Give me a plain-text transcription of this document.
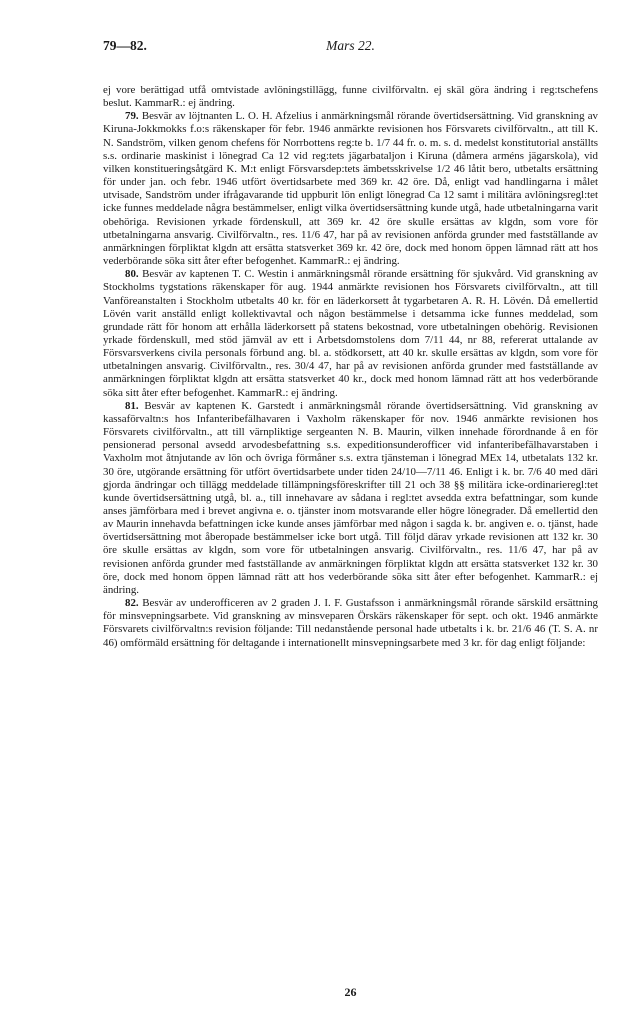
79—82.	Mars 22.

ej vore berättigad utfå omtvistade avlöningstillägg, funne civilförvaltn. ej skäl göra ändring i reg:tschefens beslut. KammarR.: ej ändring.

79. Besvär av löjtnanten L. O. H. Afzelius i anmärkningsmål rörande övertidsersättning. Vid granskning av Kiruna-Jokkmokks f.o:s räkenskaper för febr. 1946 anmärkte revisionen hos Försvarets civilförvaltn., att till K. N. Sandström, vilken genom chefens för Norrbottens reg:te b. 1/7 44 fr. o. m. s. d. medelst konstitutorial anställts s.s. ordinarie maskinist i lönegrad Ca 12 vid reg:tets jägarbataljon i Kiruna (dåmera arméns jägarskola), vid vilken konstitueringsåtgärd K. M:t enligt Försvarsdep:tets ämbetsskrivelse 1/2 46 låtit bero, utbetalts ersättning för under jan. och febr. 1946 utfört övertidsarbete med 369 kr. 42 öre. Då, enligt vad handlingarna i målet utvisade, Sandström under ifrågavarande tid uppburit lön enligt lönegrad Ca 12 samt i militära avlöningsregl:tet icke funnes meddelade några bestämmelser, enligt vilka övertidsersättning kunde utgå, hade utbetalningarna varit obehöriga. Revisionen yrkade fördenskull, att 369 kr. 42 öre skulle ersättas av klgdn, som vore för utbetalningarna ansvarig. Civilförvaltn., res. 11/6 47, har på av revisionen anförda grunder med fastställande av anmärkningen förpliktat klgdn att ersätta statsverket 369 kr. 42 öre, dock med honom öppen lämnad rätt att hos vederbörande söka sitt åter efter befogenhet. KammarR.: ej ändring.

80. Besvär av kaptenen T. C. Westin i anmärkningsmål rörande ersättning för sjukvård. Vid granskning av Stockholms tygstations räkenskaper för aug. 1944 anmärkte revisionen hos Försvarets civilförvaltn., att till Vanföreanstalten i Stockholm utbetalts 40 kr. för en läderkorsett åt tygarbetaren A. R. H. Lövén. Då emellertid Lövén varit anställd enligt kollektivavtal och någon bestämmelse i detsamma icke funnes meddelad, som grundade rätt för honom att erhålla läderkorsett på statens bekostnad, vore utbetalningen obehörig. Revisionen yrkade fördenskull, med stöd jämväl av ett i Arbetsdomstolens dom 7/11 44, nr 88, refererat uttalande av Försvarsverkens civila personals förbund ang. bl. a. stödkorsett, att 40 kr. skulle ersättas av klgdn, som vore för utbetalningen ansvarig. Civilförvaltn., res. 30/4 47, har på av revisionen anförda grunder med fastställande av anmärkningen förpliktat klgdn att ersätta statsverket 40 kr., dock med honom lämnad rätt att hos vederbörande söka sitt åter efter befogenhet. KammarR.: ej ändring.

81. Besvär av kaptenen K. Garstedt i anmärkningsmål rörande övertidsersättning. Vid granskning av kassaförvaltn:s hos Infanteribefälhavaren i Vaxholm räkenskaper för nov. 1946 anmärkte revisionen hos Försvarets civilförvaltn., att till värnpliktige sergeanten N. B. Maurin, vilken innehade förordnande å en för pensionerad personal avsedd arvodesbefattning s.s. expeditionsunderofficer vid infanteribefälhavarstaben i Vaxholm mot åtnjutande av lön och övriga förmåner s.s. extra tjänsteman i lönegrad MEx 14, utbetalats 132 kr. 30 öre, utgörande ersättning för utfört övertidsarbete under tiden 24/10—7/11 46. Enligt i k. br. 7/6 40 med däri gjorda ändringar och tillägg meddelade tillämpningsföreskrifter till 21 och 38 §§ militära icke-ordinarieregl:tet kunde övertidsersättning utgå, bl. a., till innehavare av sådana i regl:tet avsedda extra befattningar, som kunde anses jämförbara med i brevet angivna e. o. tjänster inom motsvarande eller högre lönegrader. Då emellertid den av Maurin innehavda befattningen icke kunde anses jämförbar med någon i sagda k. br. angiven e. o. tjänst, hade övertidsersättning mot åberopade bestämmelser icke bort utgå. Till följd därav yrkade revisionen att 132 kr. 30 öre skulle ersättas av klgdn, som vore för utbetalningen ansvarig. Civilförvaltn., res. 11/6 47, har på av revisionen anförda grunder med fastställande av anmärkningen förpliktat klgdn att ersätta statsverket 132 kr. 30 öre, dock med honom öppen lämnad rätt att hos vederbörande söka sitt åter efter befogenhet. KammarR.: ej ändring.

82. Besvär av underofficeren av 2 graden J. I. F. Gustafsson i anmärkningsmål rörande särskild ersättning för minsvepningsarbete. Vid granskning av minsveparen Örskärs räkenskaper för sept. och okt. 1946 anmärkte Försvarets civilförvaltn:s revision följande: Till nedanstående personal hade utbetalts i k. br. 21/6 46 (T. S. A. nr 46) omförmäld ersättning för deltagande i internationellt minsvepningsarbete med 3 kr. för dag enligt följande:

26
